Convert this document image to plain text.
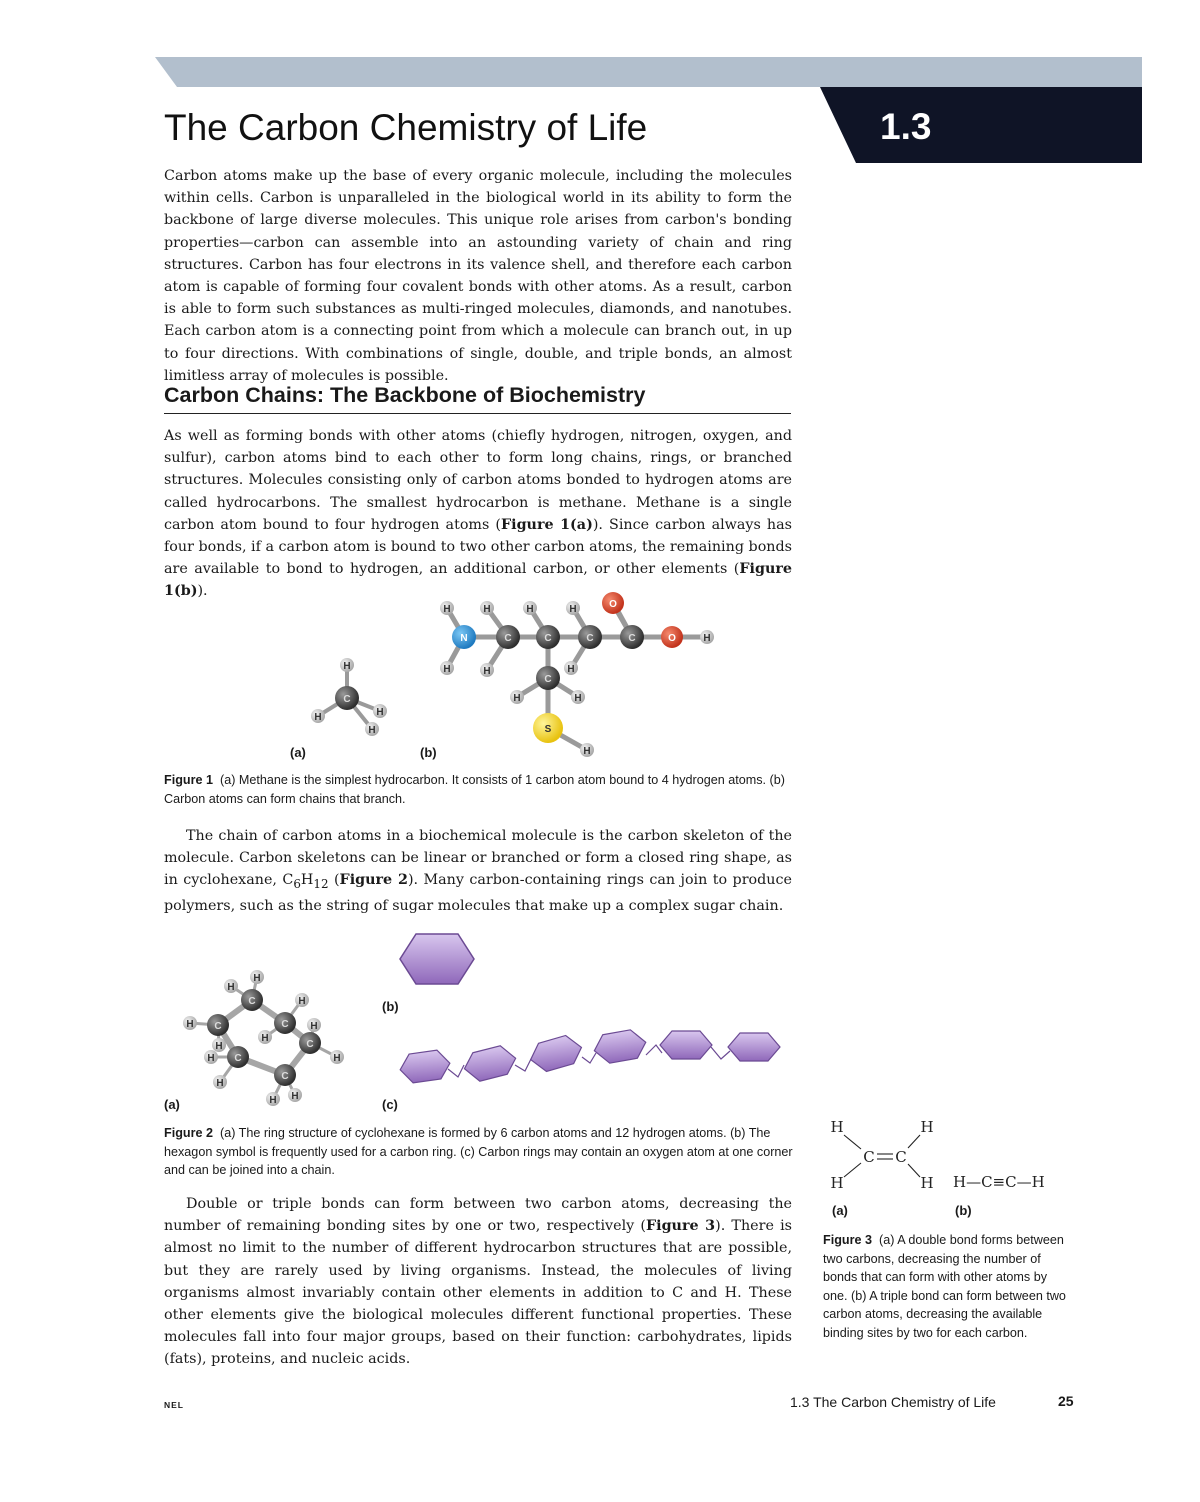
1.3
The Carbon Chemistry of Life

Carbon atoms make up the base of every organic molecule, including the molecules within cells. Carbon is unparalleled in the biological world in its ability to form the backbone of large diverse molecules. This unique role arises from carbon's bonding properties—carbon can assemble into an astounding variety of chain and ring structures. Carbon has four electrons in its valence shell, and therefore each carbon atom is capable of forming four covalent bonds with other atoms. As a result, carbon is able to form such substances as multi-ringed molecules, diamonds, and nanotubes. Each carbon atom is a connecting point from which a molecule can branch out, in up to four directions. With combinations of single, double, and triple bonds, an almost limitless array of molecules is possible.

Carbon Chains: The Backbone of Biochemistry

As well as forming bonds with other atoms (chiefly hydrogen, nitrogen, oxygen, and sulfur), carbon atoms bind to each other to form long chains, rings, or branched structures. Molecules consisting only of carbon atoms bonded to hydrogen atoms are called hydrocarbons. The smallest hydrocarbon is methane. Methane is a single carbon atom bound to four hydrogen atoms (Figure 1(a)). Since carbon always has four bonds, if a carbon atom is bound to two other carbon atoms, the remaining bonds are available to bond to hydrogen, an additional carbon, or other elements (Figure 1(b)).

H
H	H
H
C
H	H	H	H
H	H	H
H	H
H
H
N	C	C	C	C
C
O
O
S
(a)	(b)

Figure 1 (a) Methane is the simplest hydrocarbon. It consists of 1 carbon atom bound to 4 hydrogen atoms. (b) Carbon atoms can form chains that branch.

The chain of carbon atoms in a biochemical molecule is the carbon skeleton of the molecule. Carbon skeletons can be linear or branched or form a closed ring shape, as in cyclohexane, $C_6H_{12}$ (Figure 2). Many carbon-containing rings can join to produce polymers, such as the string of sugar molecules that make up a complex sugar chain.

H
H
H
H
H
H
H
H
H
H
H
H
C
C
C
C
C
C
(a)
(b)
(c)

Figure 2 (a) The ring structure of cyclohexane is formed by 6 carbon atoms and 12 hydrogen atoms. (b) The hexagon symbol is frequently used for a carbon ring. (c) Carbon rings may contain an oxygen atom at one corner and can be joined into a chain.

Double or triple bonds can form between two carbon atoms, decreasing the number of remaining bonding sites by one or two, respectively (Figure 3). There is almost no limit to the number of different hydrocarbon structures that are possible, but they are rarely used by living organisms. Instead, the molecules of living organisms almost invariably contain other elements in addition to C and H. These other elements give the biological molecules different functional properties. These molecules fall into four major groups, based on their function: carbohydrates, lipids (fats), proteins, and nucleic acids.

H	H
C C
H	H H—C≡C—H
(a)	(b)

Figure 3 (a) A double bond forms between two carbons, decreasing the number of bonds that can form with other atoms by one. (b) A triple bond can form between two carbon atoms, decreasing the available binding sites by two for each carbon.

NEL	1.3 The Carbon Chemistry of Life	25
